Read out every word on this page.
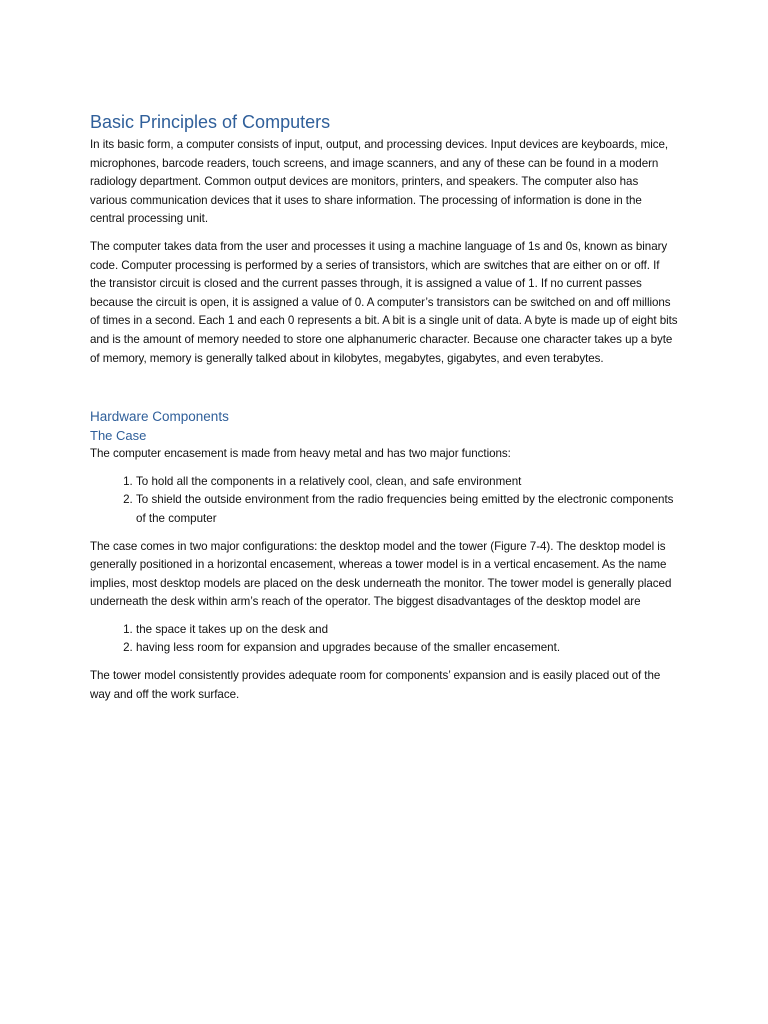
Basic Principles of Computers

In its basic form, a computer consists of input, output, and processing devices. Input devices are keyboards, mice, microphones, barcode readers, touch screens, and image scanners, and any of these can be found in a modern radiology department. Common output devices are monitors, printers, and speakers. The computer also has various communication devices that it uses to share information. The processing of information is done in the central processing unit.

The computer takes data from the user and processes it using a machine language of 1s and 0s, known as binary code. Computer processing is performed by a series of transistors, which are switches that are either on or off. If the transistor circuit is closed and the current passes through, it is assigned a value of 1. If no current passes because the circuit is open, it is assigned a value of 0. A computer’s transistors can be switched on and off millions of times in a second. Each 1 and each 0 represents a bit. A bit is a single unit of data. A byte is made up of eight bits and is the amount of memory needed to store one alphanumeric character. Because one character takes up a byte of memory, memory is generally talked about in kilobytes, megabytes, gigabytes, and even terabytes.

Hardware Components
The Case

The computer encasement is made from heavy metal and has two major functions:

1. To hold all the components in a relatively cool, clean, and safe environment
2. To shield the outside environment from the radio frequencies being emitted by the electronic components of the computer

The case comes in two major configurations: the desktop model and the tower (Figure 7-4). The desktop model is generally positioned in a horizontal encasement, whereas a tower model is in a vertical encasement. As the name implies, most desktop models are placed on the desk underneath the monitor. The tower model is generally placed underneath the desk within arm’s reach of the operator. The biggest disadvantages of the desktop model are

1. the space it takes up on the desk and
2. having less room for expansion and upgrades because of the smaller encasement.

The tower model consistently provides adequate room for components’ expansion and is easily placed out of the way and off the work surface.
